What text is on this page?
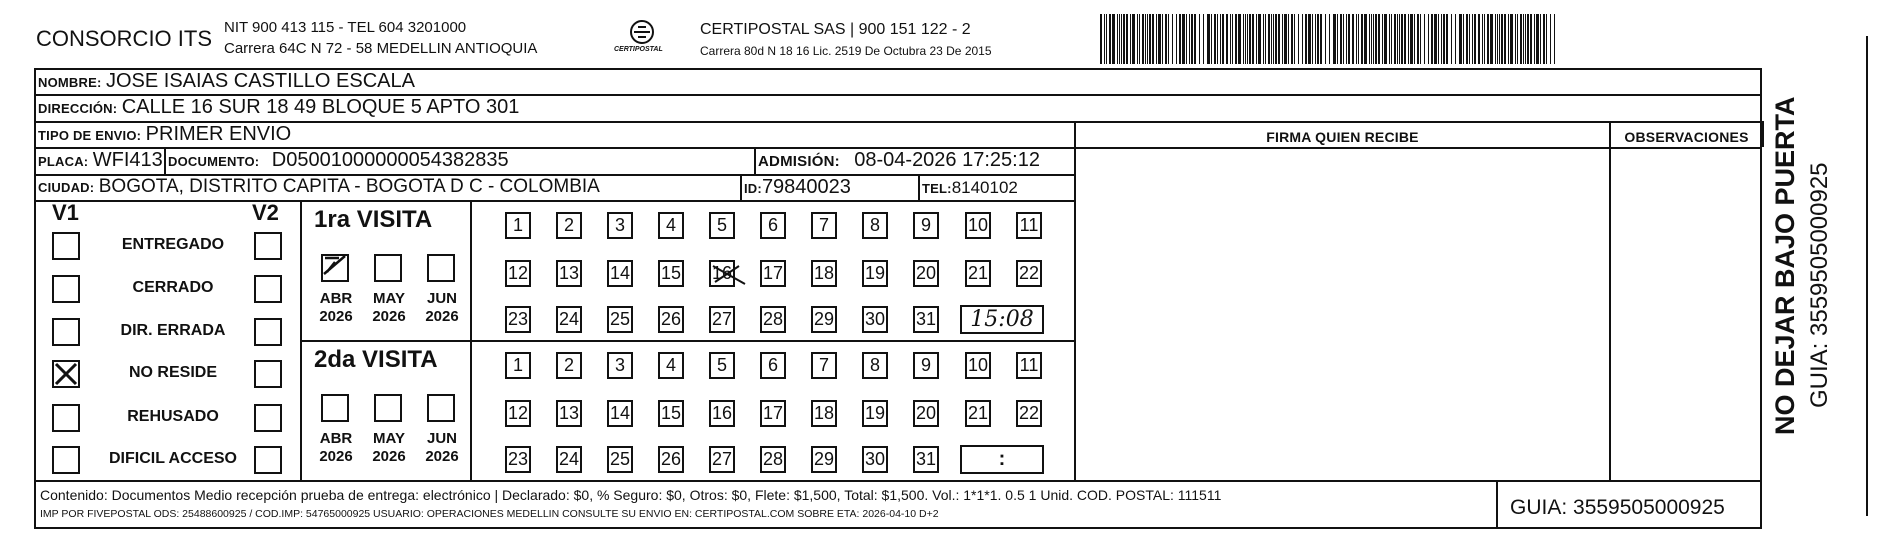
CONSORCIO ITS NIT 900 413 115 - TEL 604 3201000
Carrera 64C N 72 - 58 MEDELLIN ANTIOQUIA	CERTIPOSTAL
CERTIPOSTAL SAS | 900 151 122 - 2
Carrera 80d N 18 16 Lic. 2519 De Octubra 23 De 2015
NOMBRE: JOSE ISAIAS CASTILLO ESCALA
DIRECCIÓN: CALLE 16 SUR 18 49 BLOQUE 5 APTO 301
TIPO DE ENVIO: PRIMER ENVIO	FIRMA QUIEN RECIBE	OBSERVACIONES
PLACA: WFI413 DOCUMENTO: D05001000000054382835	ADMISIÓN: 08-04-2026 17:25:12
CIUDAD: BOGOTA, DISTRITO CAPITA - BOGOTA D C - COLOMBIA	ID:79840023	TEL:8140102
V1	V2
ENTREGADO
CERRADO
DIR. ERRADA
NO RESIDE
REHUSADO
DIFICIL ACCESO
1ra VISITA
ABR
2026
MAY
2026
JUN
2026
1	2	3	4	5	6	7	8	9	10 11
12 13 14 15 16 17 18 19 20 21 22
23 24 25 26 27 28 29 30 31	15:08
2da VISITA
ABR
2026
MAY
2026
JUN
2026
1	2	3	4	5	6	7	8	9	10 11
12 13 14 15 16 17 18 19 20 21 22
23 24 25 26 27 28 29 30 31	:
Contenido: Documentos Medio recepción prueba de entrega: electrónico | Declarado: $0, % Seguro: $0, Otros: $0, Flete: $1,500, Total: $1,500. Vol.: 1*1*1. 0.5 1 Unid. COD. POSTAL: 111511
IMP POR FIVEPOSTAL ODS: 25488600925 / COD.IMP: 54765000925 USUARIO: OPERACIONES MEDELLIN CONSULTE SU ENVIO EN: CERTIPOSTAL.COM SOBRE ETA: 2026-04-10 D+2	GUIA: 3559505000925
NO DEJAR BAJO PUERTA GUIA: 3559505000925
